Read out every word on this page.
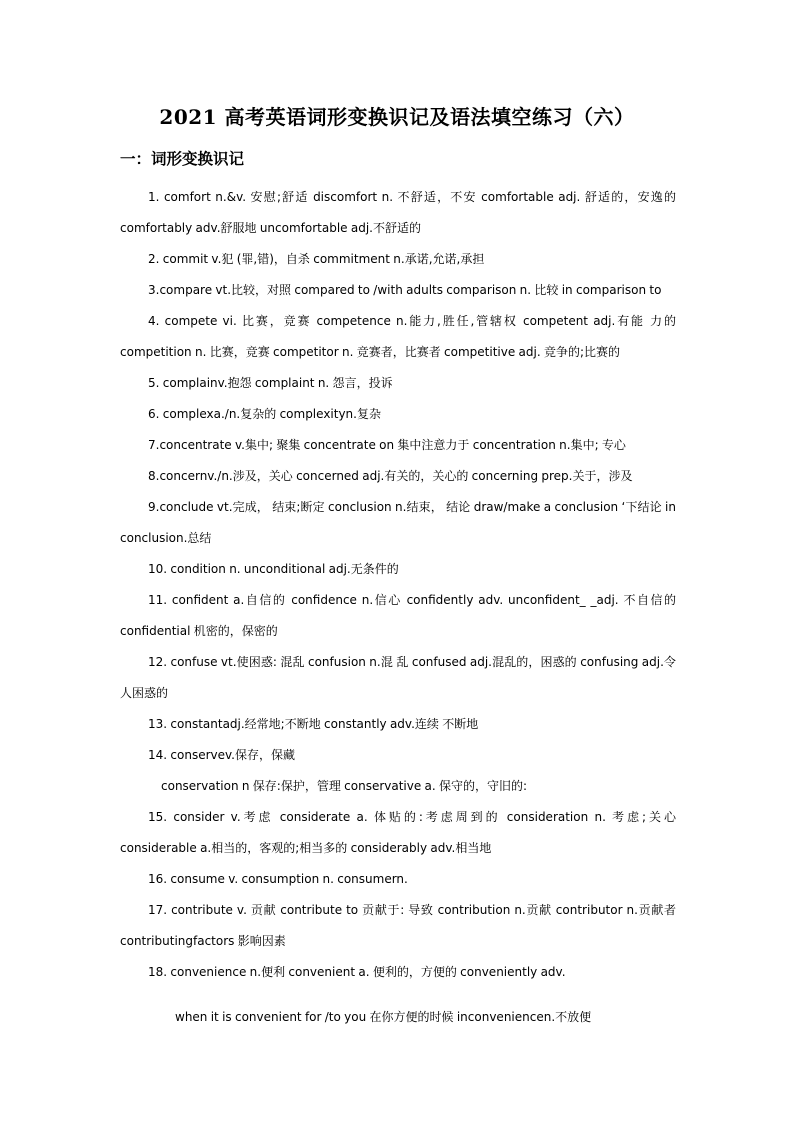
2021 高考英语词形变换识记及语法填空练习（六）
一：词形变换识记

1. comfort n.&v. 安慰;舒适 discomfort n. 不舒适，不安 comfortable adj. 舒适的，安逸的 comfortably adv.舒服地 uncomfortable adj.不舒适的

2. commit v.犯 (罪,错)，自杀 commitment n.承诺,允诺,承担

3.compare vt.比较，对照 compared to /with adults comparison n. 比较 in comparison to

4. compete vi. 比赛，竞赛 competence n.能力,胜任,管辖权 competent adj.有能 力的 competition n. 比赛，竞赛 competitor n. 竞赛者，比赛者 competitive adj. 竞争的;比赛的

5. complainv.抱怨 complaint n. 怨言，投诉

6. complexa./n.复杂的 complexityn.复杂

7.concentrate v.集中; 聚集 concentrate on 集中注意力于 concentration n.集中; 专心

8.concernv./n.涉及，关心 concerned adj.有关的，关心的 concerning prep.关于，涉及

9.conclude vt.完成， 结束;断定 conclusion n.结束， 结论 draw/make a conclusion ‘下结论 in conclusion.总结

10. condition n. unconditional adj.无条件的

11. confident a.自信的 confidence n.信心 confidently adv. unconfident_ _adj. 不自信的 confidential 机密的，保密的

12. confuse vt.使困惑: 混乱 confusion n.混 乱 confused adj.混乱的，困惑的 confusing adj.令人困惑的

13. constantadj.经常地;不断地 constantly adv.连续 不断地

14. conservev.保存，保藏

conservation n 保存:保护，管理 conservative a. 保守的，守旧的:

15. consider v.考虑 considerate a. 体贴的:考虑周到的 consideration n. 考虑;关心 considerable a.相当的，客观的;相当多的 considerably adv.相当地

16. consume v. consumption n. consumern.

17. contribute v. 贡献 contribute to 贡献于: 导致 contribution n.贡献 contributor n.贡献者 contributingfactors 影响因素

18. convenience n.便利 convenient a. 便利的，方便的 conveniently adv.

when it is convenient for /to you 在你方便的时候 inconveniencen.不放便
